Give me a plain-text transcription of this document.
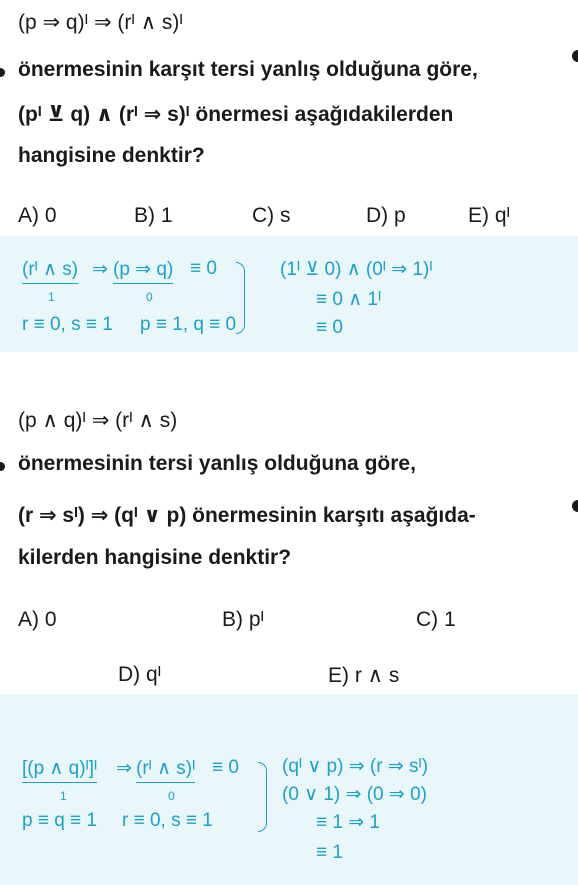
(p ⇒ q)ᴵ ⇒ (rᴵ ∧ s)ᴵ
önermesinin karşıt tersi yanlış olduğuna göre,
(pᴵ ⊻ q) ∧ (rᴵ ⇒ s)ᴵ önermesi aşağıdakilerden
hangisine denktir?
A) 0	B) 1	C) s	D) p	E) qᴵ
(rᴵ ∧ s) ⇒ (p ⇒ q) ≡ 0
1	0
r ≡ 0, s ≡ 1 p ≡ 1, q ≡ 0
(1ᴵ ⊻ 0) ∧ (0ᴵ ⇒ 1)ᴵ
≡ 0 ∧ 1ᴵ
≡ 0
(p ∧ q)ᴵ ⇒ (rᴵ ∧ s)
önermesinin tersi yanlış olduğuna göre,
(r ⇒ sᴵ) ⇒ (qᴵ ∨ p) önermesinin karşıtı aşağıda-
kilerden hangisine denktir?
A) 0	B) pᴵ	C) 1
D) qᴵ	E) r ∧ s
[(p ∧ q)ᴵ]ᴵ ⇒ (rᴵ ∧ s)ᴵ ≡ 0
1	0
p ≡ q ≡ 1 r ≡ 0, s ≡ 1
(qᴵ ∨ p) ⇒ (r ⇒ sᴵ)
(0 ∨ 1) ⇒ (0 ⇒ 0)
≡ 1 ⇒ 1
≡ 1
